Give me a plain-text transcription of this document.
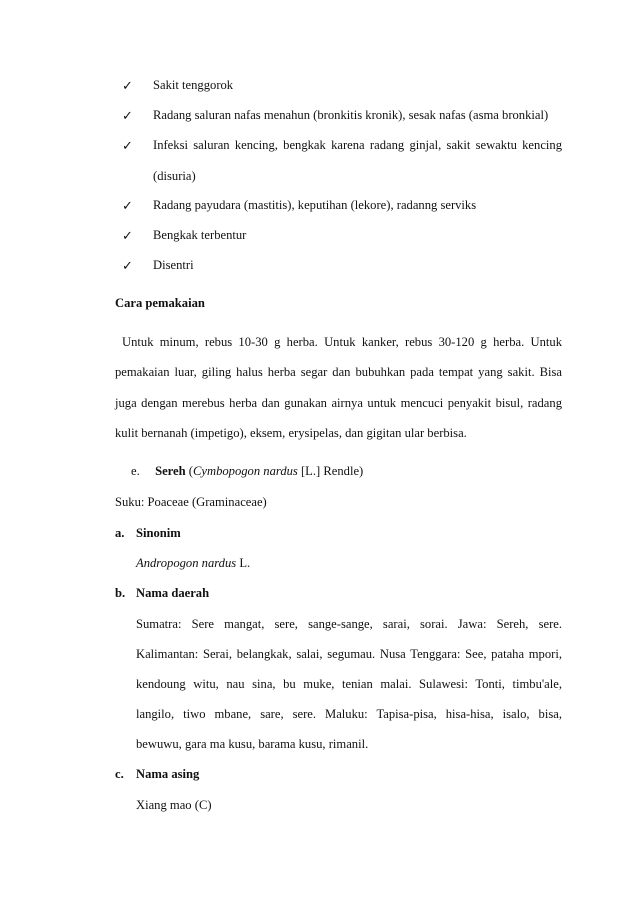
✓ Sakit tenggorok
✓ Radang saluran nafas menahun (bronkitis kronik), sesak nafas (asma bronkial)
✓ Infeksi saluran kencing, bengkak karena radang ginjal, sakit sewaktu kencing
(disuria)
✓ Radang payudara (mastitis), keputihan (lekore), radanng serviks
✓ Bengkak terbentur
✓ Disentri
Cara pemakaian
Untuk minum, rebus 10-30 g herba. Untuk kanker, rebus 30-120 g herba. Untuk
pemakaian luar, giling halus herba segar dan bubuhkan pada tempat yang sakit. Bisa
juga dengan merebus herba dan gunakan airnya untuk mencuci penyakit bisul, radang
kulit bernanah (impetigo), eksem, erysipelas, dan gigitan ular berbisa.
e. Sereh (Cymbopogon nardus [L.] Rendle)
Suku: Poaceae (Graminaceae)
a. Sinonim
Andropogon nardus L.
b. Nama daerah
Sumatra: Sere mangat, sere, sange-sange, sarai, sorai. Jawa: Sereh, sere.
Kalimantan: Serai, belangkak, salai, segumau. Nusa Tenggara: See, pataha mpori,
kendoung witu, nau sina, bu muke, tenian malai. Sulawesi: Tonti, timbu'ale,
langilo, tiwo mbane, sare, sere. Maluku: Tapisa-pisa, hisa-hisa, isalo, bisa,
bewuwu, gara ma kusu, barama kusu, rimanil.
c. Nama asing
Xiang mao (C)
